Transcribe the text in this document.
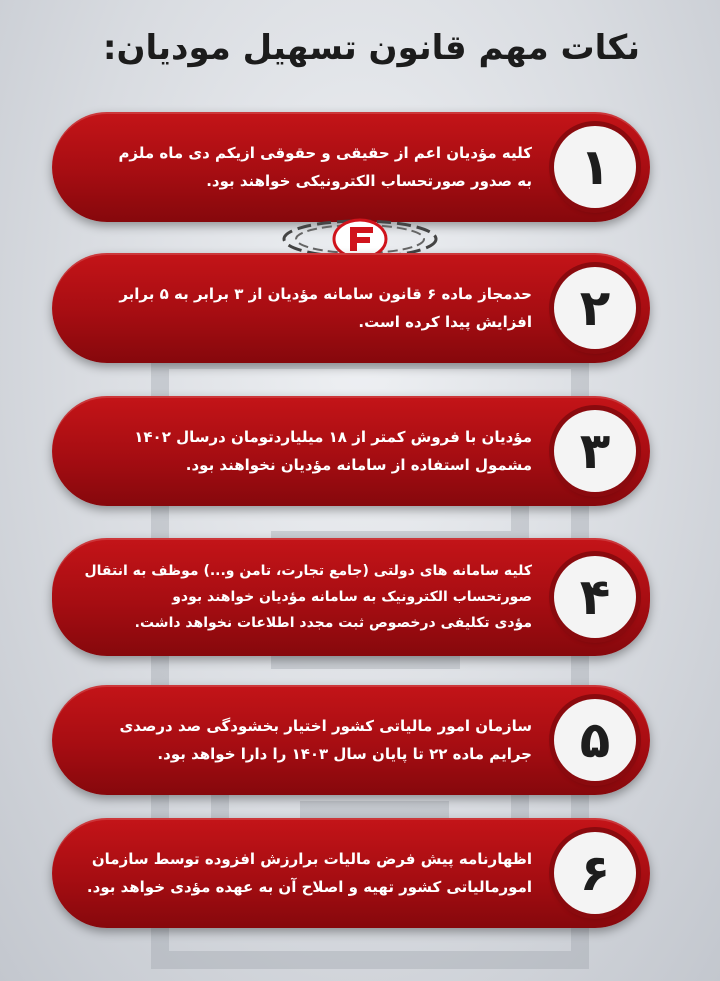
نکات مهم قانون تسهیل مودیان:
۱

کلیه مؤدیان اعم از حقیقی و حقوقی ازیکم دی ماه ملزم
به صدور صورتحساب الکترونیکی خواهند بود.

۲

حدمجاز ماده ۶ قانون سامانه مؤدیان از ۳ برابر به ۵ برابر
افزایش پیدا کرده است.

۳

مؤدیان با فروش کمتر از ۱۸ میلیاردتومان درسال ۱۴۰۲
مشمول استفاده از سامانه مؤدیان نخواهند بود.

۴

کلیه سامانه های دولتی (جامع تجارت، تامن و...) موظف به انتقال
صورتحساب الکترونیک به سامانه مؤدیان خواهند بودو
مؤدی تکلیفی درخصوص ثبت مجدد اطلاعات نخواهد داشت.

۵

سازمان امور مالیاتی کشور اختیار بخشودگی صد درصدی
جرایم ماده ۲۲ تا پایان سال ۱۴۰۳ را دارا خواهد بود.

۶

اظهارنامه پیش فرض مالیات برارزش افزوده توسط سازمان
امورمالیاتی کشور تهیه و اصلاح آن به عهده مؤدی خواهد بود.
